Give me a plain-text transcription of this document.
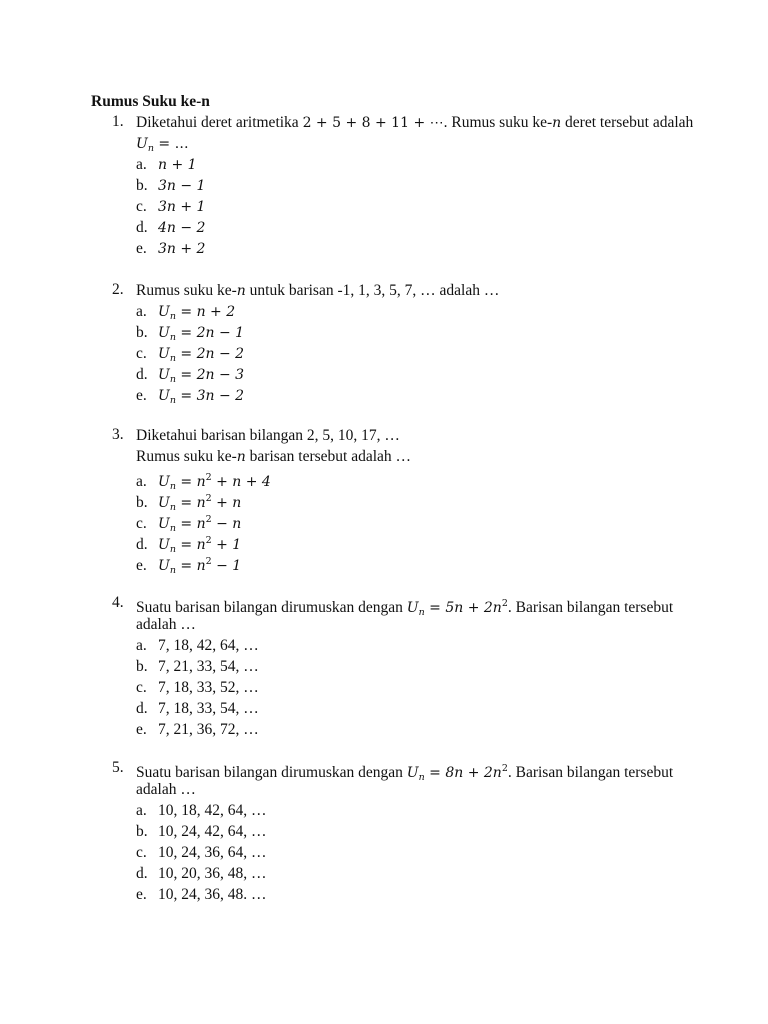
Rumus Suku ke-n
1. Diketahui deret aritmetika 2 + 5 + 8 + 11 + ⋯. Rumus suku ke-n deret tersebut adalah
$U_n$ = …
a. n + 1
b. 3n − 1
c. 3n + 1
d. 4n − 2
e. 3n + 2
2. Rumus suku ke-n untuk barisan -1, 1, 3, 5, 7, … adalah …
a. $U_n = n + 2$
b. $U_n = 2n - 1$
c. $U_n = 2n - 2$
d. $U_n = 2n - 3$
e. $U_n = 3n - 2$
3. Diketahui barisan bilangan 2, 5, 10, 17, …
Rumus suku ke-n barisan tersebut adalah …
a. $U_n = n^2 + n + 4$
b. $U_n = n^2 + n$
c. $U_n = n^2 - n$
d. $U_n = n^2 + 1$
e. $U_n = n^2 - 1$
4. Suatu barisan bilangan dirumuskan dengan $U_n = 5n + 2n^2$. Barisan bilangan tersebut
adalah …
a. 7, 18, 42, 64, …
b. 7, 21, 33, 54, …
c. 7, 18, 33, 52, …
d. 7, 18, 33, 54, …
e. 7, 21, 36, 72, …
5. Suatu barisan bilangan dirumuskan dengan $U_n = 8n + 2n^2$. Barisan bilangan tersebut
adalah …
a. 10, 18, 42, 64, …
b. 10, 24, 42, 64, …
c. 10, 24, 36, 64, …
d. 10, 20, 36, 48, …
e. 10, 24, 36, 48. …
